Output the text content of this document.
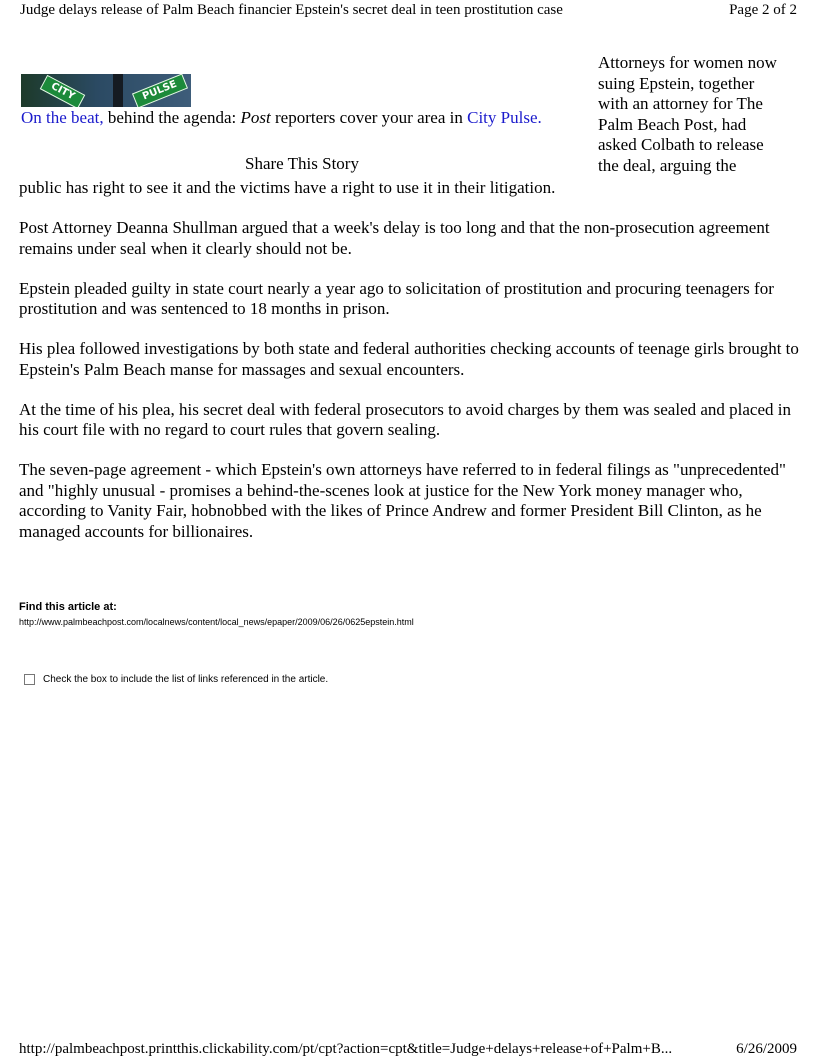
Judge delays release of Palm Beach financier Epstein's secret deal in teen prostitution case	Page 2 of 2
CITY	PULSE
On the beat, behind the agenda: Post reporters cover your area in City Pulse.
Share This Story
Attorneys for women now
suing Epstein, together
with an attorney for The
Palm Beach Post, had
asked Colbath to release
the deal, arguing the
public has right to see it and the victims have a right to use it in their litigation.

Post Attorney Deanna Shullman argued that a week's delay is too long and that the non-prosecution agreement remains under seal when it clearly should not be.

Epstein pleaded guilty in state court nearly a year ago to solicitation of prostitution and procuring teenagers for prostitution and was sentenced to 18 months in prison.

His plea followed investigations by both state and federal authorities checking accounts of teenage girls brought to Epstein's Palm Beach manse for massages and sexual encounters.

At the time of his plea, his secret deal with federal prosecutors to avoid charges by them was sealed and placed in his court file with no regard to court rules that govern sealing.

The seven-page agreement - which Epstein's own attorneys have referred to in federal filings as "unprecedented" and "highly unusual - promises a behind-the-scenes look at justice for the New York money manager who, according to Vanity Fair, hobnobbed with the likes of Prince Andrew and former President Bill Clinton, as he managed accounts for billionaires.

Find this article at:
http://www.palmbeachpost.com/localnews/content/local_news/epaper/2009/06/26/0625epstein.html
Check the box to include the list of links referenced in the article.
http://palmbeachpost.printthis.clickability.com/pt/cpt?action=cpt&title=Judge+delays+release+of+Palm+B...	6/26/2009
